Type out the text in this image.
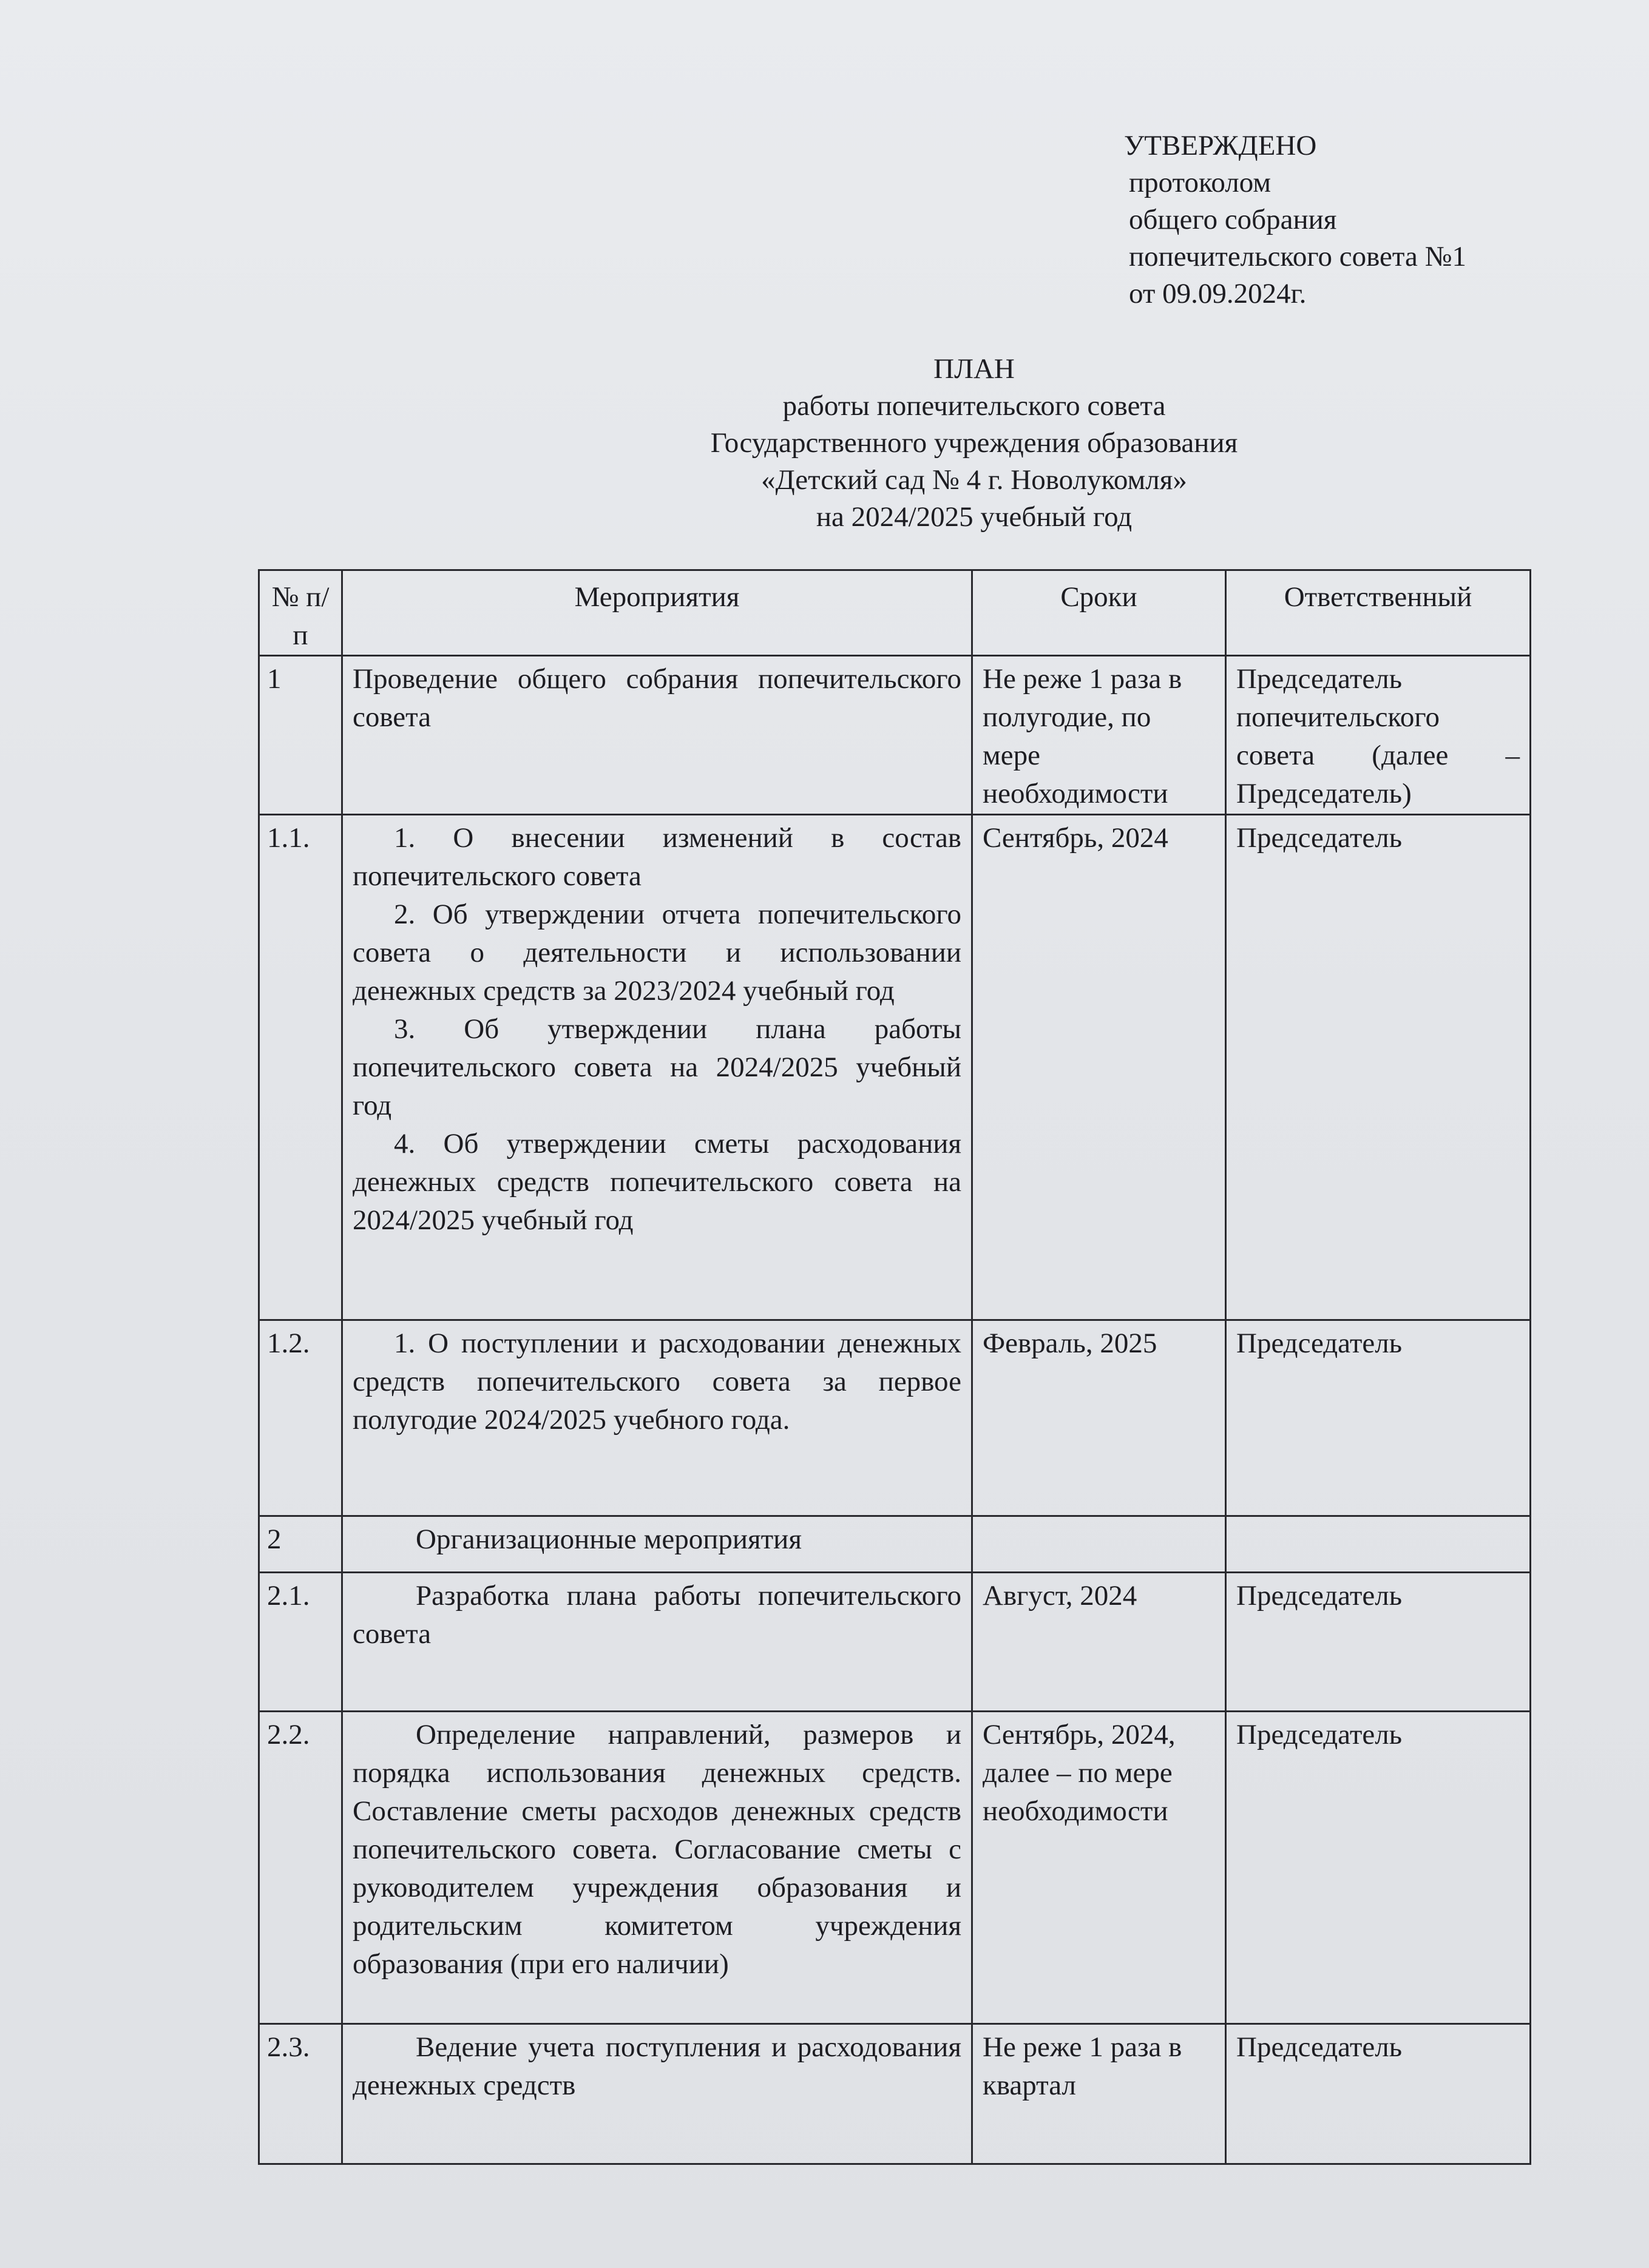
УТВЕРЖДЕНО
протоколом
общего собрания
попечительского совета №1
от 09.09.2024г.
ПЛАН
работы попечительского совета
Государственного учреждения образования
«Детский сад № 4 г. Новолукомля»
на 2024/2025 учебный год
№ п/п	Мероприятия	Сроки	Ответственный
1	Проведение общего собрания попечительского совета	Не реже 1 раза в полугодие, по мере необходимости	Председатель попечительского совета (далее – Председатель)
1.1.	1. О внесении изменений в состав попечительского совета
2. Об утверждении отчета попечительского совета о деятельности и использовании денежных средств за 2023/2024 учебный год
3. Об утверждении плана работы попечительского совета на 2024/2025 учебный год
4. Об утверждении сметы расходования денежных средств попечительского совета на 2024/2025 учебный год	Сентябрь, 2024	Председатель
1.2.	1. О поступлении и расходовании денежных средств попечительского совета за первое полугодие 2024/2025 учебного года.	Февраль, 2025	Председатель
2	Организационные мероприятия		

2.1.	Разработка плана работы попечительского совета	Август, 2024	Председатель
2.2.	Определение направлений, размеров и порядка использования денежных средств. Составление сметы расходов денежных средств попечительского совета. Согласование сметы с руководителем учреждения образования и родительским комитетом учреждения образования (при его наличии)	Сентябрь, 2024, далее – по мере необходимости	Председатель
2.3.	Ведение учета поступления и расходования денежных средств	Не реже 1 раза в квартал	Председатель
